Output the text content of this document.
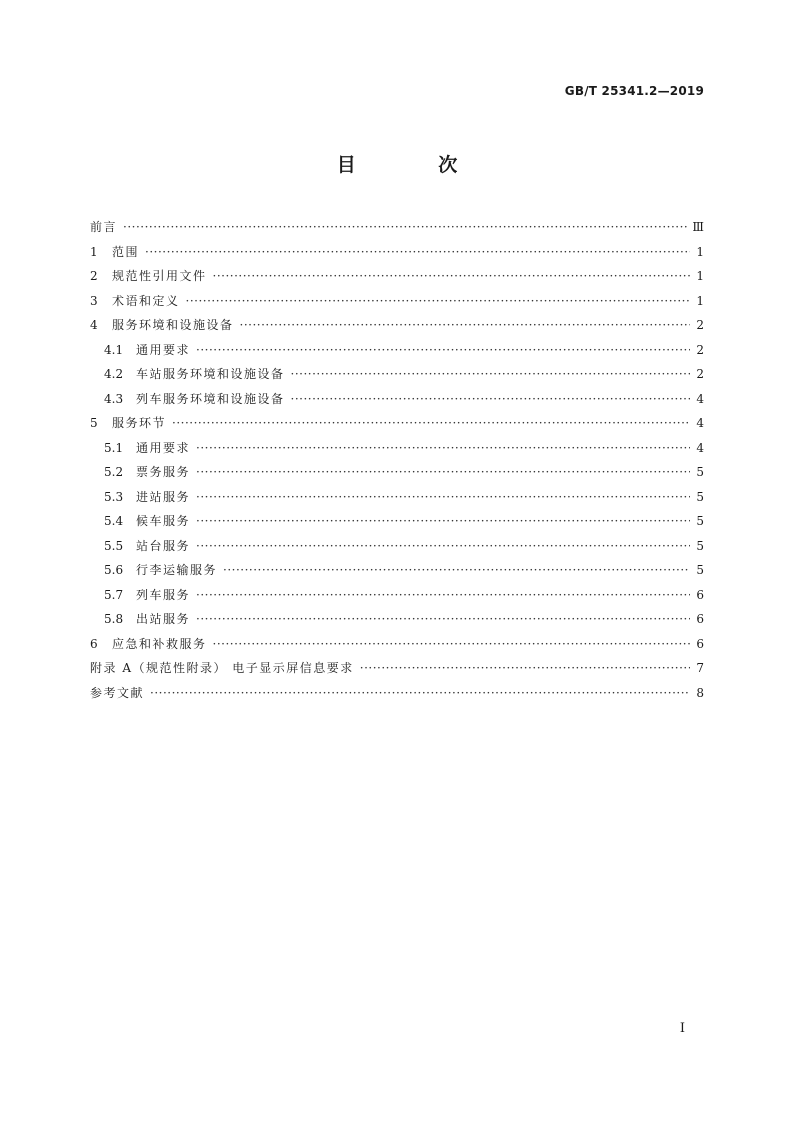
GB/T 25341.2—2019
目 次
前言 ·····	Ⅲ
1	范围 ·····	1
2	规范性引用文件 ·····	1
3	术语和定义 ·····	1
4	服务环境和设施设备 ·····	2
4.1	通用要求 ·····	2
4.2	车站服务环境和设施设备 ·····	2
4.3	列车服务环境和设施设备 ·····	4
5	服务环节 ·····	4
5.1	通用要求 ·····	4
5.2	票务服务 ·····	5
5.3	进站服务 ·····	5
5.4	候车服务 ·····	5
5.5	站台服务 ·····	5
5.6	行李运输服务 ·····	5
5.7	列车服务 ·····	6
5.8	出站服务 ·····	6
6	应急和补救服务 ·····	6
附录 A（规范性附录） 电子显示屏信息要求 ·····	7
参考文献 ·····	8
Ⅰ
